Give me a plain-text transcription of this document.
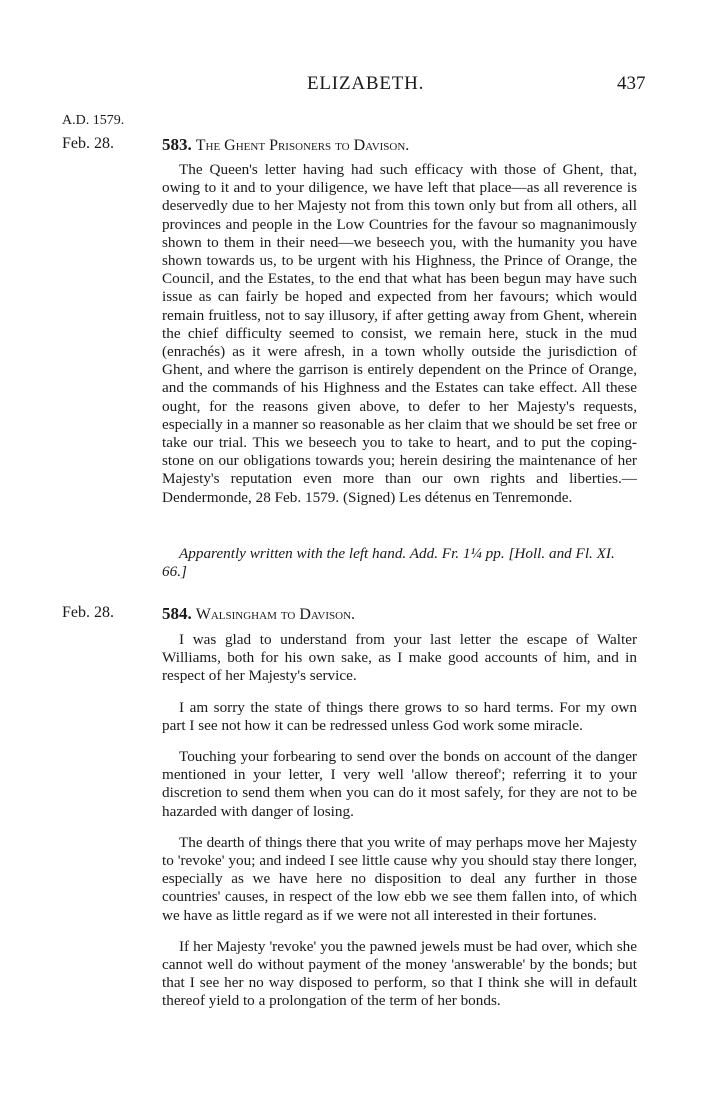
ELIZABETH.	437
A.D. 1579.
Feb. 28.	583. The Ghent Prisoners to Davison.

The Queen's letter having had such efficacy with those of Ghent, that, owing to it and to your diligence, we have left that place—as all reverence is deservedly due to her Majesty not from this town only but from all others, all provinces and people in the Low Countries for the favour so magnanimously shown to them in their need—we beseech you, with the humanity you have shown towards us, to be urgent with his Highness, the Prince of Orange, the Council, and the Estates, to the end that what has been begun may have such issue as can fairly be hoped and expected from her favours; which would remain fruitless, not to say illusory, if after getting away from Ghent, wherein the chief difficulty seemed to consist, we remain here, stuck in the mud (enrachés) as it were afresh, in a town wholly outside the jurisdiction of Ghent, and where the garrison is entirely dependent on the Prince of Orange, and the commands of his Highness and the Estates can take effect. All these ought, for the reasons given above, to defer to her Majesty's requests, especially in a manner so reasonable as her claim that we should be set free or take our trial. This we beseech you to take to heart, and to put the coping-stone on our obligations towards you; herein desiring the maintenance of her Majesty's reputation even more than our own rights and liberties.—Dendermonde, 28 Feb. 1579. (Signed) Les détenus en Tenremonde.

Apparently written with the left hand. Add. Fr. 1¼ pp. [Holl. and Fl. XI. 66.]
Feb. 28.	584. Walsingham to Davison.

I was glad to understand from your last letter the escape of Walter Williams, both for his own sake, as I make good accounts of him, and in respect of her Majesty's service.

I am sorry the state of things there grows to so hard terms. For my own part I see not how it can be redressed unless God work some miracle.

Touching your forbearing to send over the bonds on account of the danger mentioned in your letter, I very well 'allow thereof'; referring it to your discretion to send them when you can do it most safely, for they are not to be hazarded with danger of losing.

The dearth of things there that you write of may perhaps move her Majesty to 'revoke' you; and indeed I see little cause why you should stay there longer, especially as we have here no disposition to deal any further in those countries' causes, in respect of the low ebb we see them fallen into, of which we have as little regard as if we were not all interested in their fortunes.

If her Majesty 'revoke' you the pawned jewels must be had over, which she cannot well do without payment of the money 'answerable' by the bonds; but that I see her no way disposed to perform, so that I think she will in default thereof yield to a prolongation of the term of her bonds.
